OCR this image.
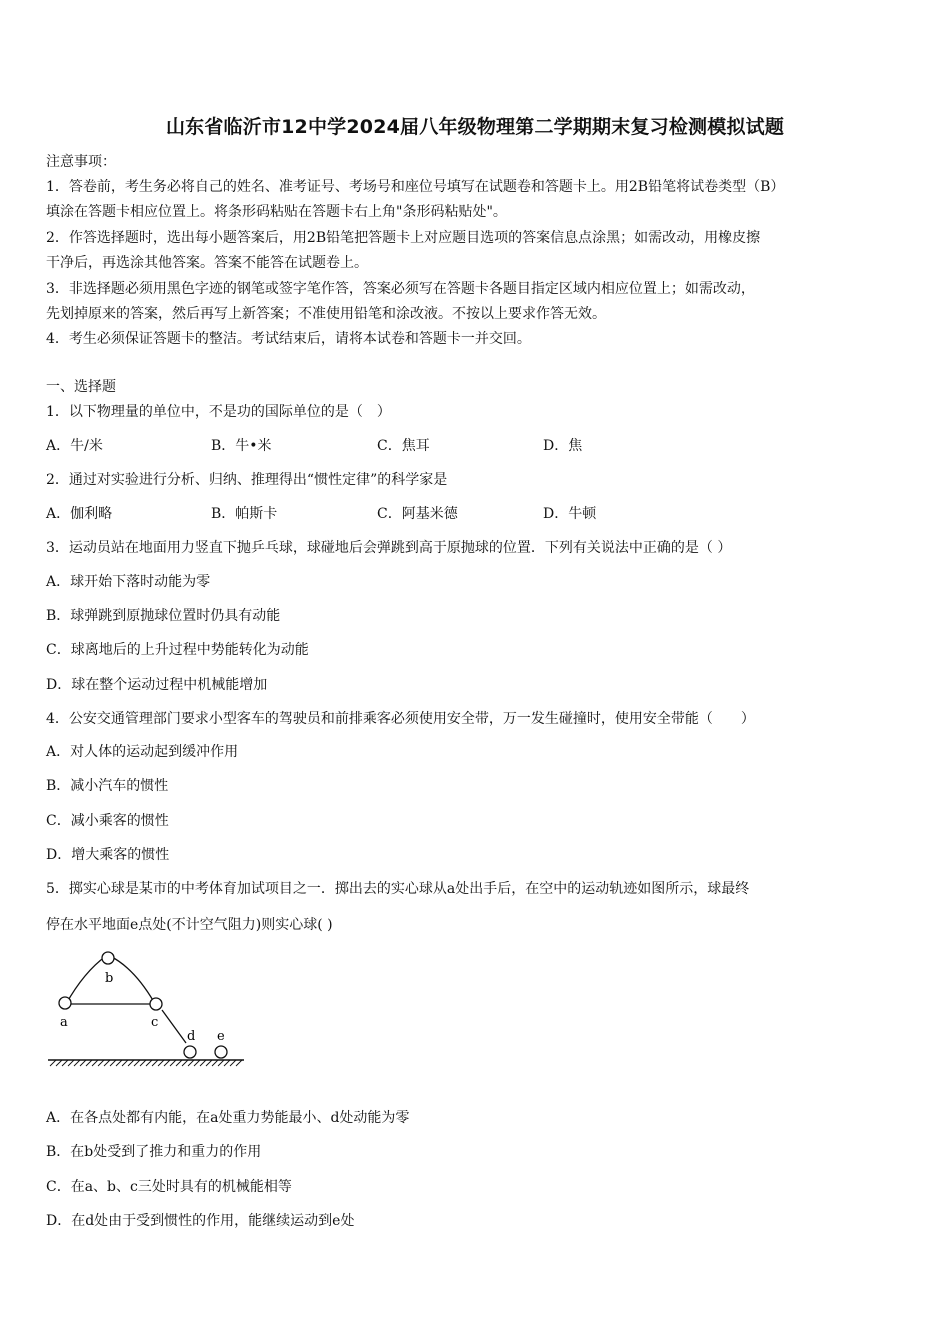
山东省临沂市12中学2024届八年级物理第二学期期末复习检测模拟试题
注意事项：
1．答卷前，考生务必将自己的姓名、准考证号、考场号和座位号填写在试题卷和答题卡上。用2B铅笔将试卷类型（B）
填涂在答题卡相应位置上。将条形码粘贴在答题卡右上角"条形码粘贴处"。
2．作答选择题时，选出每小题答案后，用2B铅笔把答题卡上对应题目选项的答案信息点涂黑；如需改动，用橡皮擦
干净后，再选涂其他答案。答案不能答在试题卷上。
3．非选择题必须用黑色字迹的钢笔或签字笔作答，答案必须写在答题卡各题目指定区域内相应位置上；如需改动，
先划掉原来的答案，然后再写上新答案；不准使用铅笔和涂改液。不按以上要求作答无效。
4．考生必须保证答题卡的整洁。考试结束后，请将本试卷和答题卡一并交回。
一、选择题
1．以下物理量的单位中，不是功的国际单位的是（　）
A．牛/米	B．牛•米	C．焦耳	D．焦
2．通过对实验进行分析、归纳、推理得出“惯性定律”的科学家是
A．伽利略	B．帕斯卡	C．阿基米德	D．牛顿
3．运动员站在地面用力竖直下抛乒乓球，球碰地后会弹跳到高于原抛球的位置．下列有关说法中正确的是（ ）
A．球开始下落时动能为零
B．球弹跳到原抛球位置时仍具有动能
C．球离地后的上升过程中势能转化为动能
D．球在整个运动过程中机械能增加
4．公安交通管理部门要求小型客车的驾驶员和前排乘客必须使用安全带，万一发生碰撞时，使用安全带能（　　）
A．对人体的运动起到缓冲作用
B．减小汽车的惯性
C．减小乘客的惯性
D．增大乘客的惯性
5．掷实心球是某市的中考体育加试项目之一．掷出去的实心球从a处出手后，在空中的运动轨迹如图所示，球最终
停在水平地面e点处(不计空气阻力)则实心球( )
a
b
c
d e
A．在各点处都有内能，在a处重力势能最小、d处动能为零
B．在b处受到了推力和重力的作用
C．在a、b、c三处时具有的机械能相等
D．在d处由于受到惯性的作用，能继续运动到e处
